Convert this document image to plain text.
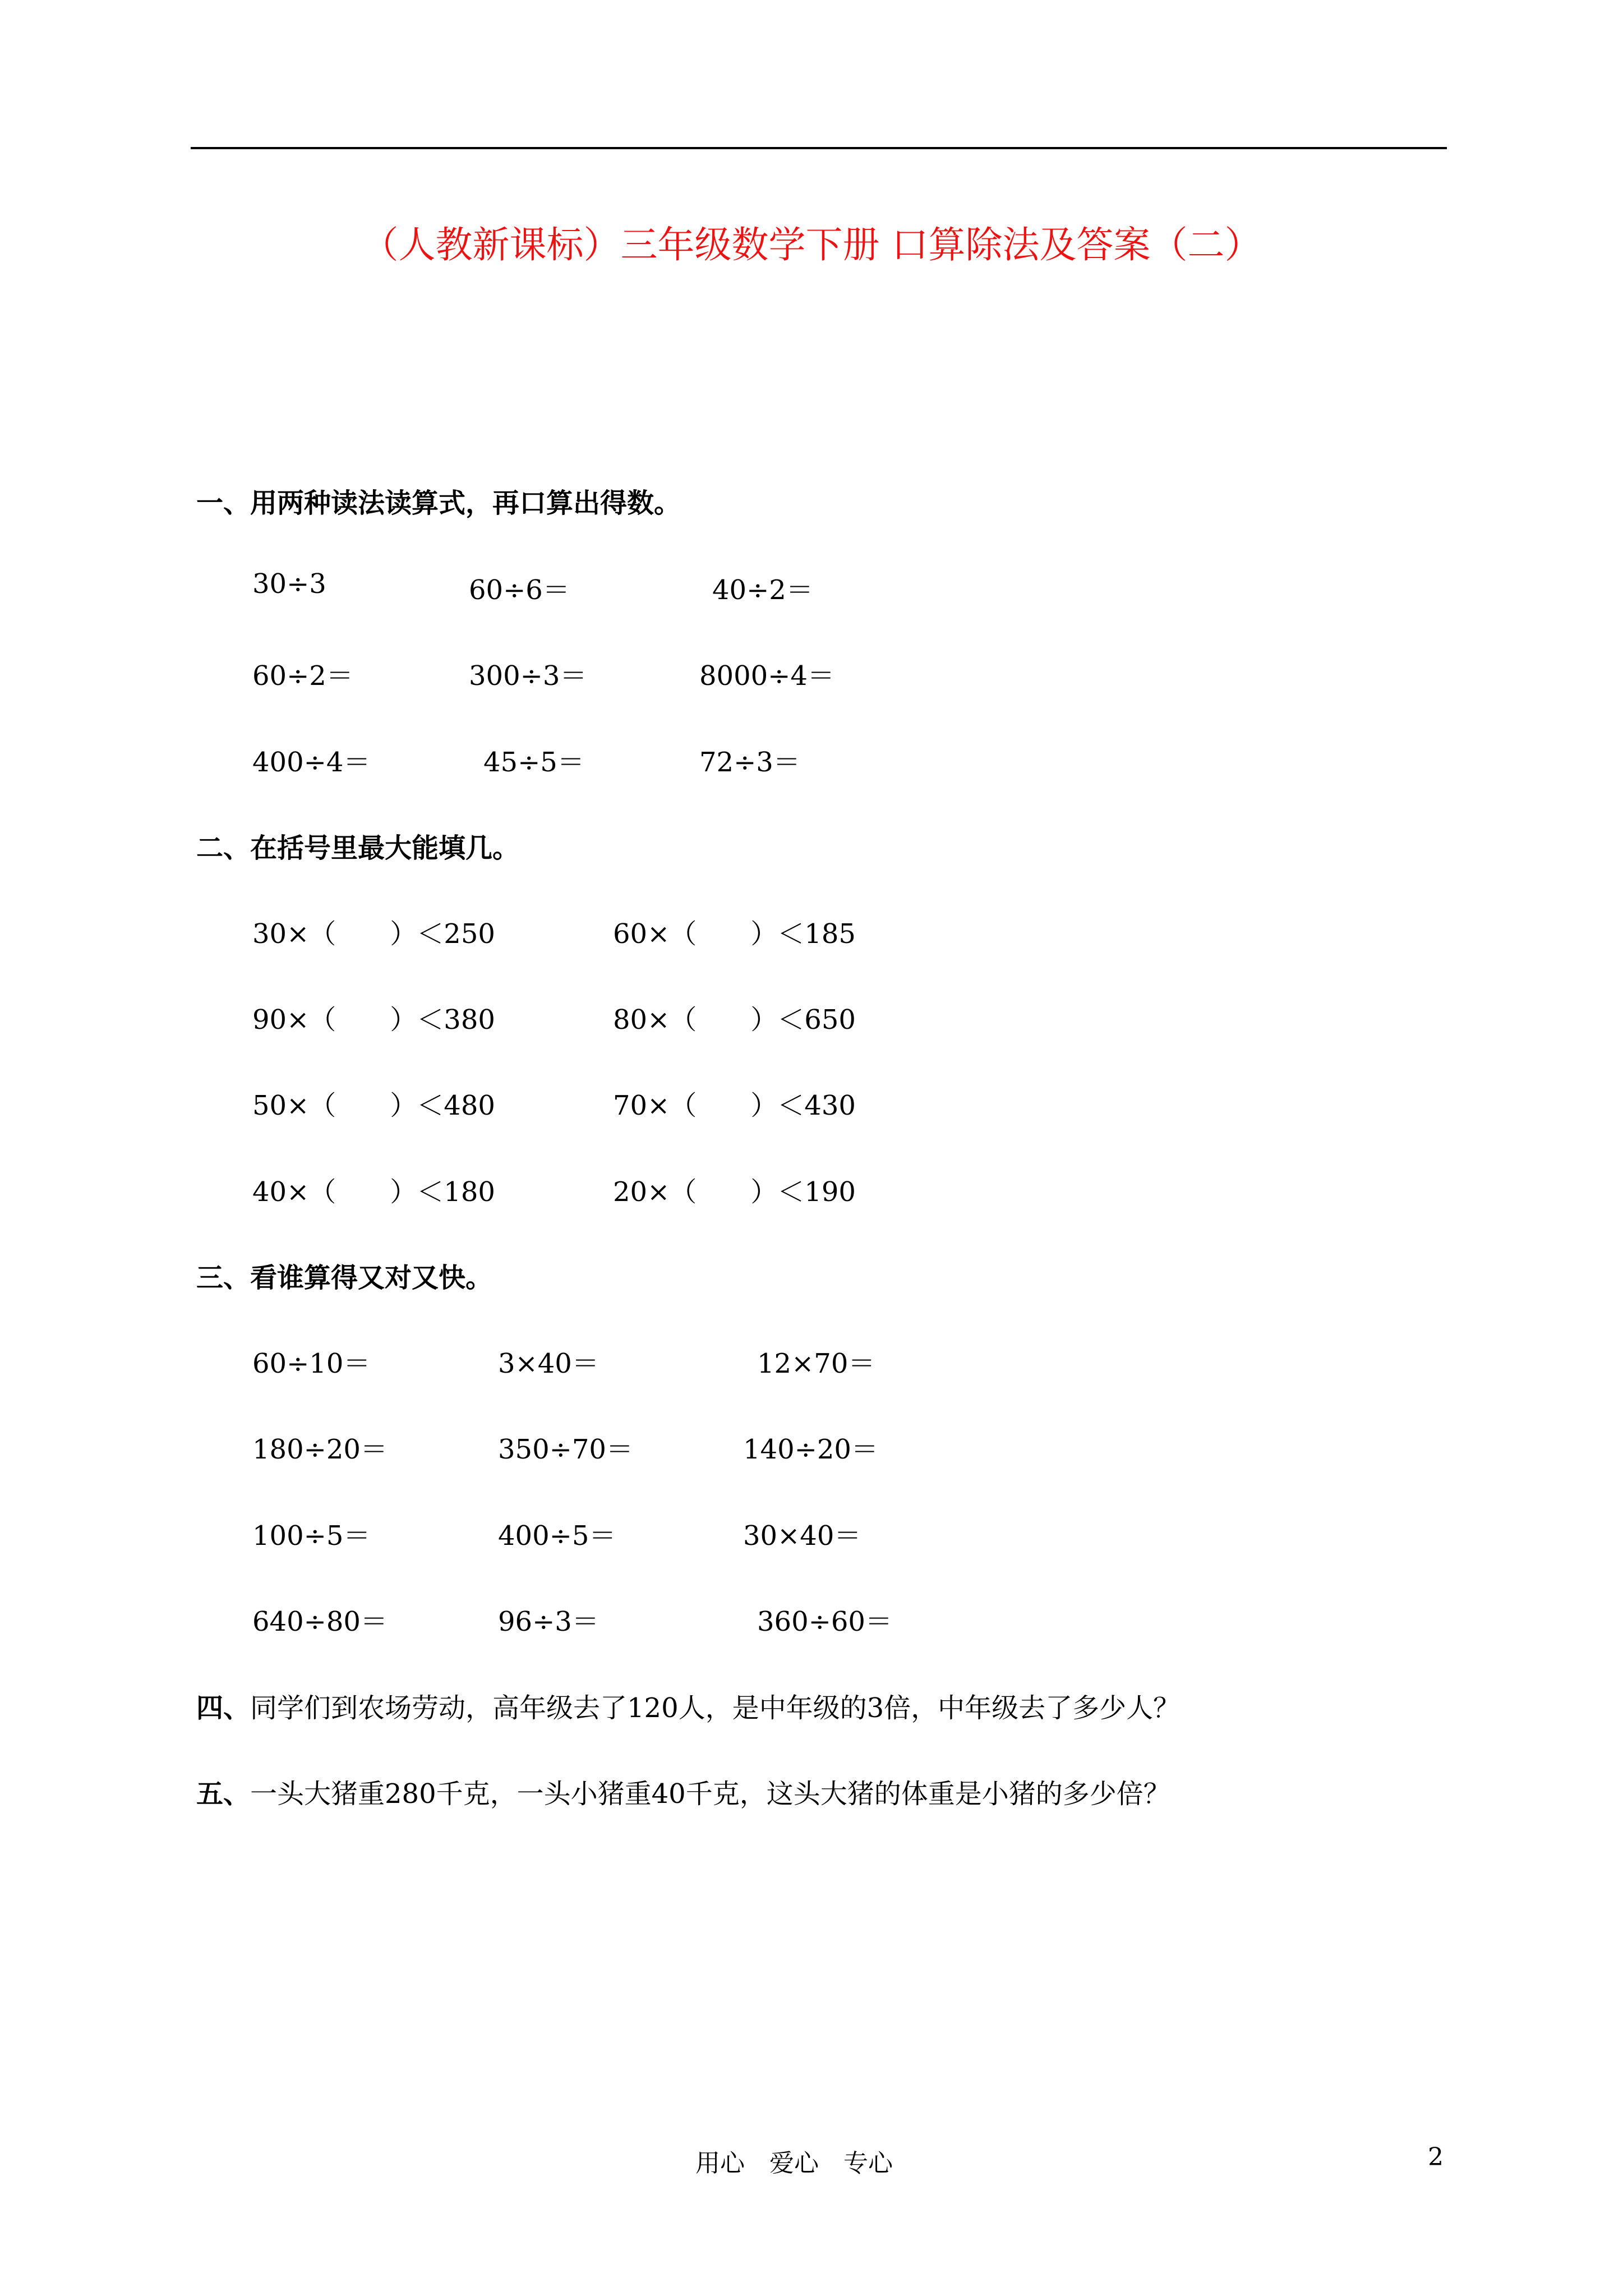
（人教新课标）三年级数学下册 口算除法及答案（二）
一、用两种读法读算式，再口算出得数。
30÷3	60÷6＝	40÷2＝
60÷2＝	300÷3＝	8000÷4＝
400÷4＝	45÷5＝	72÷3＝
二、在括号里最大能填几。
30×（　　）＜250	60×（　　）＜185
90×（　　）＜380	80×（　　）＜650
50×（　　）＜480	70×（　　）＜430
40×（　　）＜180	20×（　　）＜190
三、看谁算得又对又快。
60÷10＝	3×40＝	12×70＝
180÷20＝	350÷70＝	140÷20＝
100÷5＝	400÷5＝	30×40＝
640÷80＝	96÷3＝	360÷60＝
四、同学们到农场劳动，高年级去了120人，是中年级的3倍，中年级去了多少人？
五、一头大猪重280千克，一头小猪重40千克，这头大猪的体重是小猪的多少倍？
用心　爱心　专心	2
